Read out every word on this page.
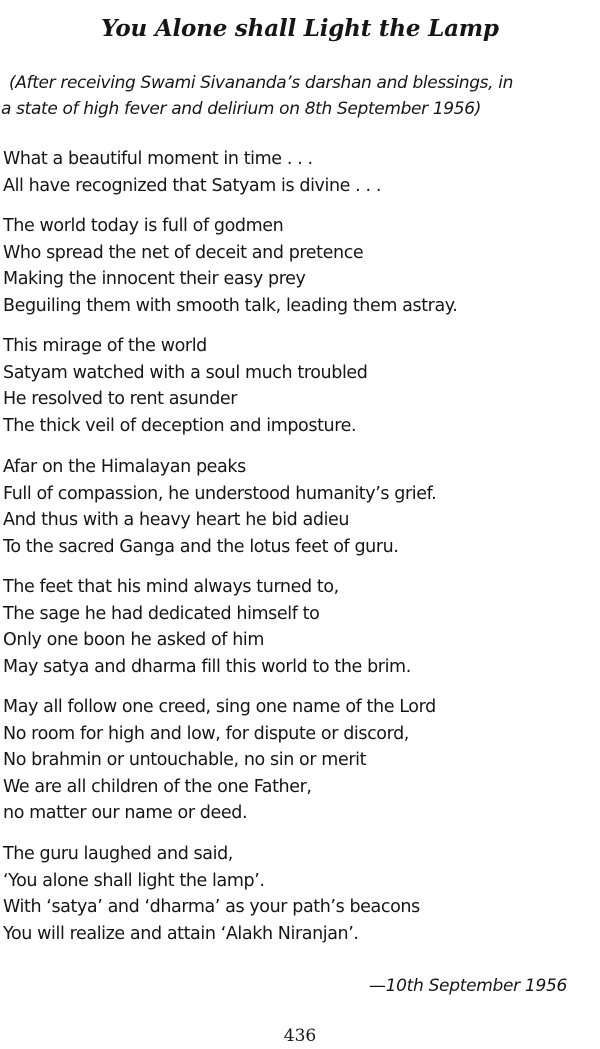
You Alone shall Light the Lamp

(After receiving Swami Sivananda’s darshan and blessings, in
a state of high fever and delirium on 8th September 1956)

What a beautiful moment in time . . .
All have recognized that Satyam is divine . . .

The world today is full of godmen
Who spread the net of deceit and pretence
Making the innocent their easy prey
Beguiling them with smooth talk, leading them astray.

This mirage of the world
Satyam watched with a soul much troubled
He resolved to rent asunder
The thick veil of deception and imposture.

Afar on the Himalayan peaks
Full of compassion, he understood humanity’s grief.
And thus with a heavy heart he bid adieu
To the sacred Ganga and the lotus feet of guru.

The feet that his mind always turned to,
The sage he had dedicated himself to
Only one boon he asked of him
May satya and dharma fill this world to the brim.

May all follow one creed, sing one name of the Lord
No room for high and low, for dispute or discord,
No brahmin or untouchable, no sin or merit
We are all children of the one Father,
no matter our name or deed.

The guru laughed and said,
‘You alone shall light the lamp’.
With ‘satya’ and ‘dharma’ as your path’s beacons
You will realize and attain ‘Alakh Niranjan’.

—10th September 1956
436
